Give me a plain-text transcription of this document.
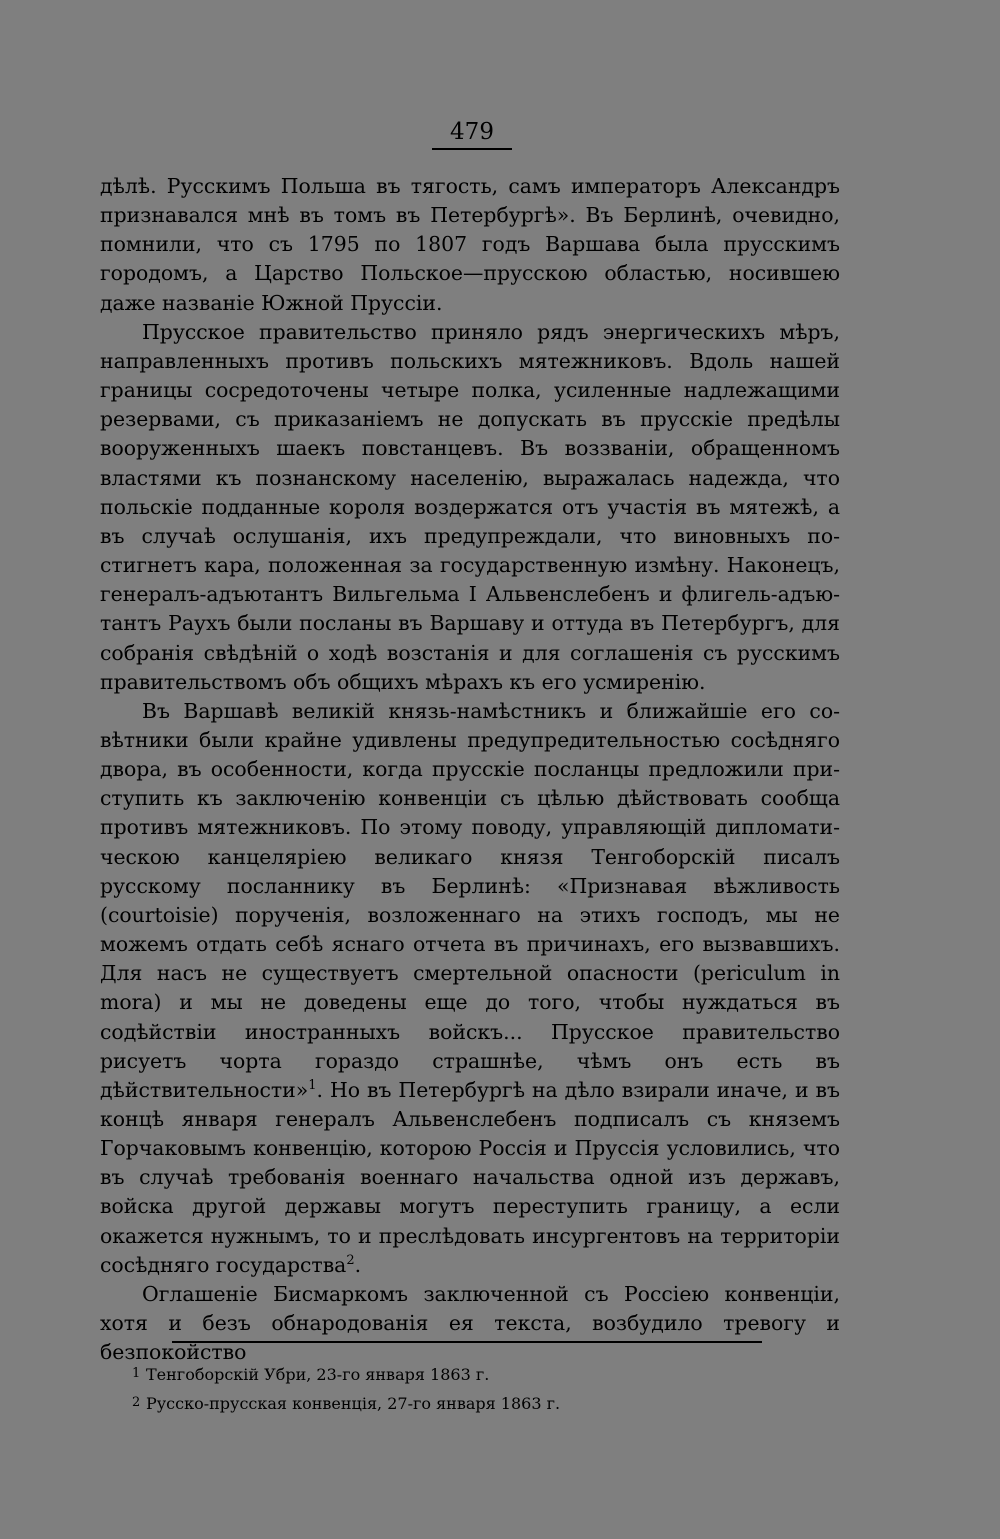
479

дѣлѣ. Русскимъ Польша въ тягость, самъ императоръ Александръ признавался мнѣ въ томъ въ Петербургѣ». Въ Берлинѣ, очевидно, помнили, что съ 1795 по 1807 годъ Варшава была прусскимъ городомъ, а Царство Польское—прусскою областью, носившею даже названіе Южной Пруссіи.

Прусское правительство приняло рядъ энергическихъ мѣръ, направленныхъ противъ польскихъ мятежниковъ. Вдоль нашей границы сосредоточены четыре полка, усиленные надлежащими резервами, съ приказаніемъ не допускать въ прусскіе предѣлы вооруженныхъ шаекъ повстанцевъ. Въ воззваніи, обращенномъ властями къ познанскому населенію, выражалась надежда, что польскіе подданные короля воздержатся отъ участія въ мятежѣ, а въ случаѣ ослушанія, ихъ предупреждали, что виновныхъ постигнетъ кара, положенная за государственную измѣну. Наконецъ, генералъ-адъютантъ Вильгельма I Альвенслебенъ и флигель-адъютантъ Раухъ были посланы въ Варшаву и оттуда въ Петербургъ, для собранія свѣдѣній о ходѣ возстанія и для соглашенія съ русскимъ правительствомъ объ общихъ мѣрахъ къ его усмиренію.

Въ Варшавѣ великій князь-намѣстникъ и ближайшіе его совѣтники были крайне удивлены предупредительностью сосѣдняго двора, въ особенности, когда прусскіе посланцы предложили приступить къ заключенію конвенціи съ цѣлью дѣйствовать сообща противъ мятежниковъ. По этому поводу, управляющій дипломатическою канцеляріею великаго князя Тенгоборскій писалъ русскому посланнику въ Берлинѣ: «Признавая вѣжливость (courtoisie) порученія, возложеннаго на этихъ господъ, мы не можемъ отдать себѣ яснаго отчета въ причинахъ, его вызвавшихъ. Для насъ не существуетъ смертельной опасности (periculum in mora) и мы не доведены еще до того, чтобы нуждаться въ содѣйствіи иностранныхъ войскъ... Прусское правительство рисуетъ чорта гораздо страшнѣе, чѣмъ онъ есть въ дѣйствительности»$^1$. Но въ Петербургѣ на дѣло взирали иначе, и въ концѣ января генералъ Альвенслебенъ подписалъ съ княземъ Горчаковымъ конвенцію, которою Россія и Пруссія условились, что въ случаѣ требованія военнаго начальства одной изъ державъ, войска другой державы могутъ переступить границу, а если окажется нужнымъ, то и преслѣдовать инсургентовъ на территоріи сосѣдняго государства$^2$.

Оглашеніе Бисмаркомъ заключенной съ Россіею конвенціи, хотя и безъ обнародованія ея текста, возбудило тревогу и безпокойство

1 Тенгоборскій Убри, 23-го января 1863 г.
2 Русско-прусская конвенція, 27-го января 1863 г.
